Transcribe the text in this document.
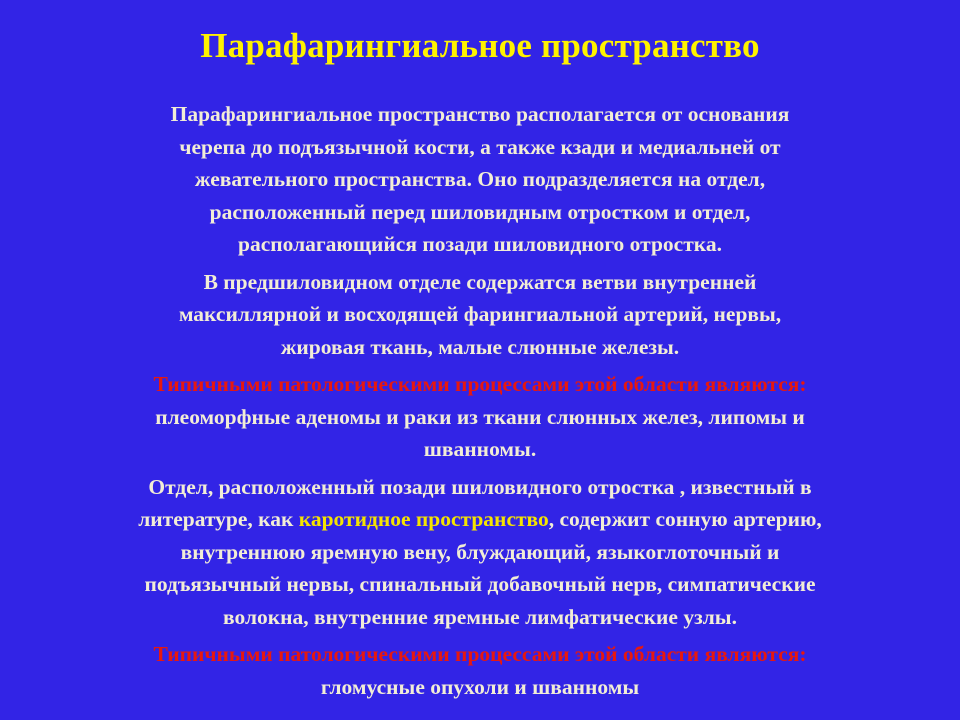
Парафарингиальное пространство

Парафарингиальное пространство располагается от основания
черепа до подъязычной кости, а также кзади и медиальней от
жевательного пространства. Оно подразделяется на отдел,
расположенный перед шиловидным отростком и отдел,
располагающийся позади шиловидного отростка.

В предшиловидном отделе содержатся ветви внутренней
максиллярной и восходящей фарингиальной артерий, нервы,
жировая ткань, малые слюнные железы.

Типичными патологическими процессами этой области являются:
плеоморфные аденомы и раки из ткани слюнных желез, липомы и
шванномы.

Отдел, расположенный позади шиловидного отростка , известный в
литературе, как каротидное пространство, содержит сонную артерию,
внутреннюю яремную вену, блуждающий, языкоглоточный и
подъязычный нервы, спинальный добавочный нерв, симпатические
волокна, внутренние яремные лимфатические узлы.

Типичными патологическими процессами этой области являются:
гломусные опухоли и шванномы
